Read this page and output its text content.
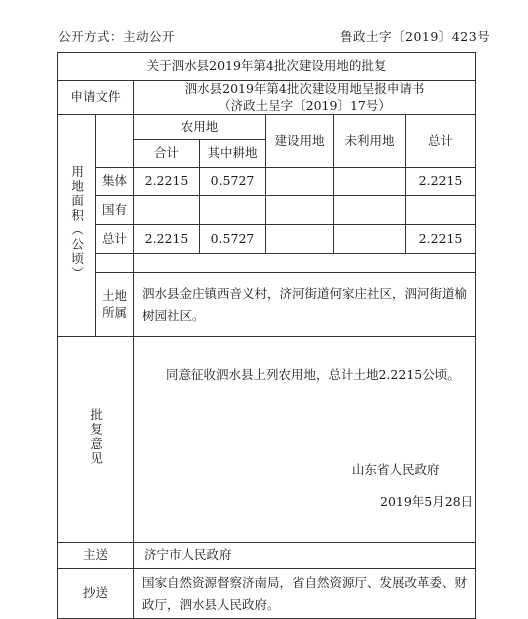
公开方式：主动公开	鲁政土字〔2019〕423号
关于泗水县2019年第4批次建设用地的批复						
申请文件		泗水县2019年第4批次建设用地呈报申请书
（济政土呈字〔2019〕17号）				

用地面积（公顷）		农用地		建设用地	未利用地	总计
		合计	其中耕地			
	集体	2.2215	0.5727			2.2215
	国有					
	总计	2.2215	0.5727			2.2215

	土地
所属	泗水县金庄镇西音义村，济河街道何家庄社区，泗河街道榆树园社区。				
批复意见		同意征收泗水县上列农用地，总计土地2.2215公顷。
山东省人民政府
2019年5月28日				

主送		济宁市人民政府				
抄送		国家自然资源督察济南局，省自然资源厅、发展改革委、财政厅，泗水县人民政府。				
